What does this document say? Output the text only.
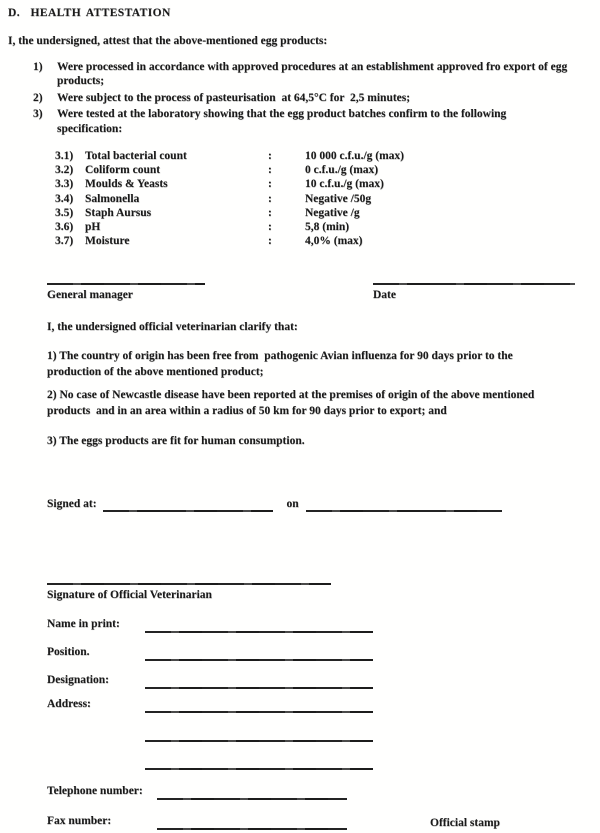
D.  HEALTH ATTESTATION
I, the undersigned, attest that the above-mentioned egg products:
1)	Were processed in accordance with approved procedures at an establishment approved fro export of egg products;
2)	Were subject to the process of pasteurisation  at 64,5°C for  2,5 minutes;
3)	Were tested at the laboratory showing that the egg product batches confirm to the following specification:
3.1)	Total bacterial count	:	10 000 c.f.u./g (max)
3.2)	Coliform count	:	0 c.f.u./g (max)
3.3)	Moulds & Yeasts	:	10 c.f.u./g (max)
3.4)	Salmonella	:	Negative /50g
3.5)	Staph Aursus	:	Negative /g
3.6)	pH	:	5,8 (min)
3.7)	Moisture	:	4,0% (max)
General manager	Date
I, the undersigned official veterinarian clarify that:
1) The country of origin has been free from  pathogenic Avian influenza for 90 days prior to the production of the above mentioned product;
2) No case of Newcastle disease have been reported at the premises of origin of the above mentioned products  and in an area within a radius of 50 km for 90 days prior to export; and
3) The eggs products are fit for human consumption.
Signed at:	on
Signature of Official Veterinarian
Name in print:
Position.
Designation:
Address:
Telephone number:
Fax number:	Official stamp
